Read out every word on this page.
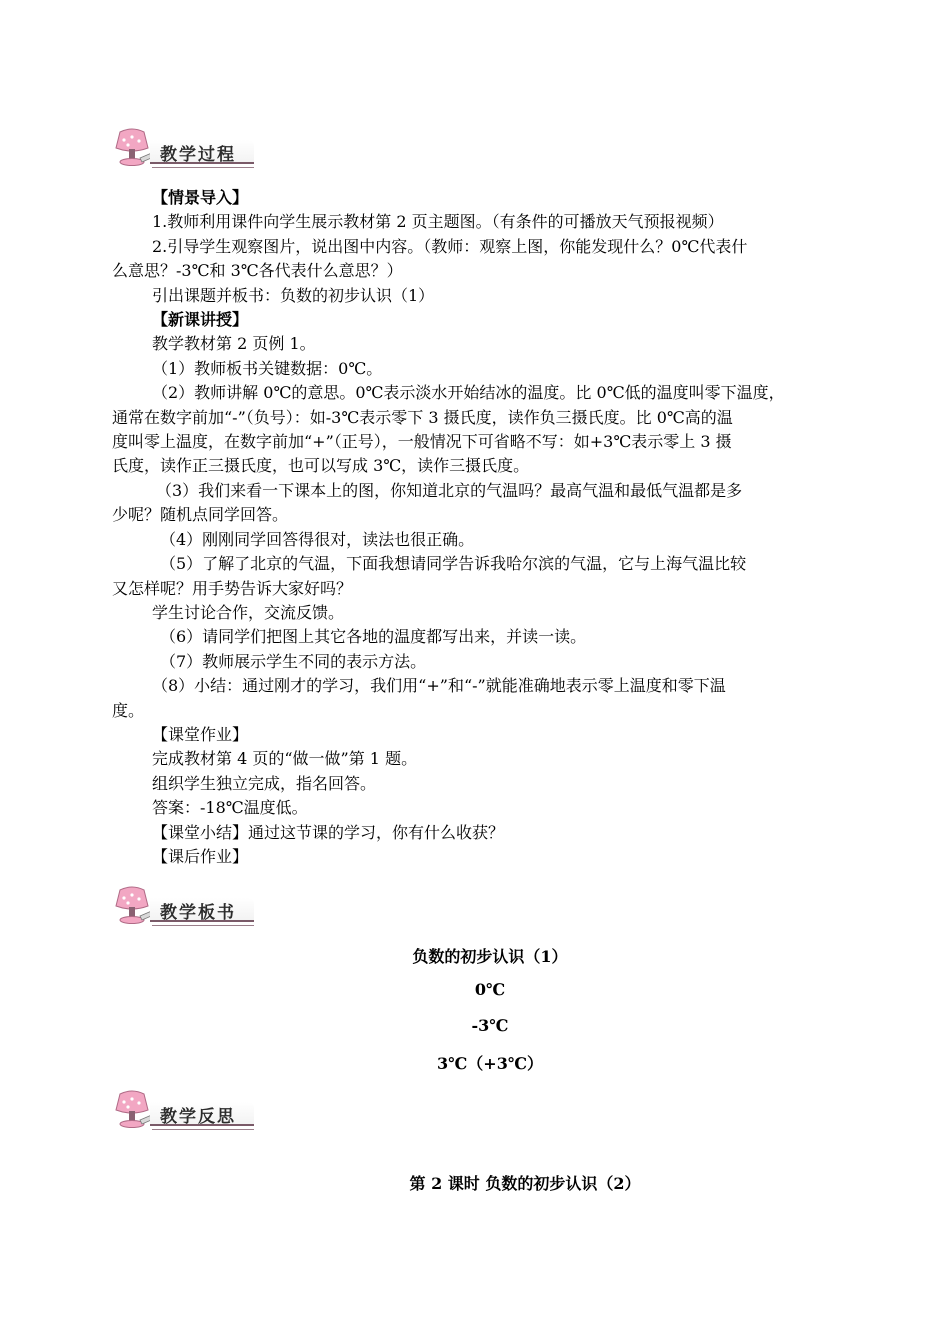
教学过程

【情景导入】

1.教师利用课件向学生展示教材第 2 页主题图。（有条件的可播放天气预报视频）

2.引导学生观察图片，说出图中内容。（教师：观察上图，你能发现什么？0℃代表什

么意思？-3℃和 3℃各代表什么意思？）

引出课题并板书：负数的初步认识（1）

【新课讲授】

教学教材第 2 页例 1。

（1）教师板书关键数据：0℃。

（2）教师讲解 0℃的意思。0℃表示淡水开始结冰的温度。比 0℃低的温度叫零下温度，

通常在数字前加“-”（负号）：如-3℃表示零下 3 摄氏度，读作负三摄氏度。比 0℃高的温

度叫零上温度，在数字前加“+”（正号），一般情况下可省略不写：如+3℃表示零上 3 摄

氏度，读作正三摄氏度，也可以写成 3℃，读作三摄氏度。

（3）我们来看一下课本上的图，你知道北京的气温吗？最高气温和最低气温都是多

少呢？随机点同学回答。

（4）刚刚同学回答得很对，读法也很正确。

（5）了解了北京的气温，下面我想请同学告诉我哈尔滨的气温，它与上海气温比较

又怎样呢？用手势告诉大家好吗？

学生讨论合作，交流反馈。

（6）请同学们把图上其它各地的温度都写出来，并读一读。

（7）教师展示学生不同的表示方法。

（8）小结：通过刚才的学习，我们用“+”和“-”就能准确地表示零上温度和零下温

度。

【课堂作业】

完成教材第 4 页的“做一做”第 1 题。

组织学生独立完成，指名回答。

答案：-18℃温度低。

【课堂小结】通过这节课的学习，你有什么收获？

【课后作业】

教学板书
负数的初步认识（1）
0℃
-3℃
3℃（+3℃）
教学反思
第 2 课时 负数的初步认识（2）
